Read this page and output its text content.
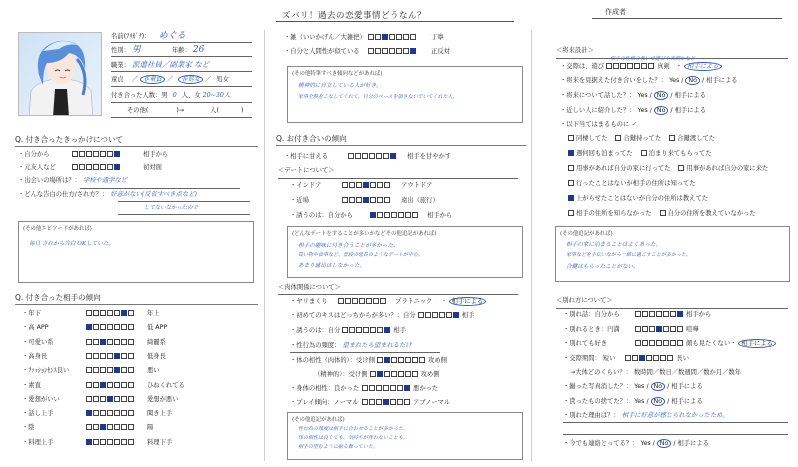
ズバリ！過去の恋愛事情どうなん？	作成者
名前(ﾌﾘｶﾞﾅ)： めぐる
性別： 男	年齢： 26
職業： 派遣社員／副業家 など
童貞 ／ 非童貞 ／ 非処女 ／ 処女
付き合った人数：男 0 人、女 20~30人
その他(	)→	人(	)
Q. 付き合ったきっかけについて
・自分から	相手から
・元友人など	初対面
・出会いの場所は？： 学校や通学など
・どんな告白の仕方/され方？： 好意がない(反省すべき点など)
してないなかったので
(その他エピソードがあれば)
毎日 されから告白 OKしていた。
Q. 付き合った相手の傾向
・年下	年上
・高 APP	低 APP
・可愛い系	綺麗系
・高身長	低身長
・ﾌｧｯｼｮﾝｾﾝｽ良い	悪い
・素直	ひねくれてる
・愛想がいい	愛想が悪い
・話し上手	聞き上手
・陰	陽
・料理上手	料理下手
・雑（いいかげん／大雑把）	丁寧
・自分と人間性が似ている	正反対
(その他特筆すべき傾向などがあれば)
精神的に自立している人が好き。
家事全般をこなしてくれて、自分のペースを崩さないでいてくれた人。
Q. お付き合いの傾向
・相手に甘える	相手を甘やかす
＜デートについて＞
・インドア	アウトドア
・近場	遠出（旅行）
・誘うのは：自分から	相手から
(どんなデートをすることが多いかなどその他追記があれば)
相手の趣味に付き合うことが多かった。
買い物や食事など、普段の延長のようなデートが中心。
あまり遠出はしなかった。
＜肉体関係について＞
・ヤリまくり	プラトニック ・ 相手による
・初めてのキスはどっちからが多い？：自分	相手
・誘うのは：自分	相手
・性行為の頻度： 望まれたら望まれるだけ
・体の相性（肉体的）：受け側	攻め側
（精神的）：受け側	攻め側
・身体の相性：良かった	悪かった
・プレイ傾向：ノーマル	アブノーマル
(その他追記があれば)
性行為の頻度は相手に合わせることが多かった。
体の相性は良くても、気持ちが伴わないことも。
相手の望むように振る舞っていた。
＜将来設計＞
相手の性格の強いで遊びや真剣かなど
・交際は、遊び	真剣 ・ 相手による
・将来を見据えた付き合いをした？： Yes / No / 相手による
・将来について話した？： Yes / No / 相手による
・近しい人に紹介した？： Yes / No / 相手による
・以下当てはまるものに ✓
同棲してた	合鍵持ってた	合鍵渡してた
週何回も泊まってた	泊まり来てもらってた
用事があれば自分の家に行ってた	用事があれば自分の家に来た
行ったことはないが相手の住所は知ってた
上がらせたことはないが自分の住所は教えてた
相手の住所を知らなかった	自分の住所を教えていなかった
(その他追記があれば)
相手の家に泊まることはよくあった。
家事などを手伝いながら一緒に過ごすことが多かった。
合鍵はもらったことがない。
＜別れ方について＞
・別れ話：自分から	相手から
・別れるとき：円満	喧嘩
・別れても好き	顔も見たくない・ 相手による
・交際期間： 短い	長い
→大体どのくらい？： 数時間／数日／数週間／数か月／数年
・撮った写真消した？： Yes / No / 相手による
・貰ったもの捨てた？： Yes / No / 相手による
・別れた理由は？： 相手に好意が感じられなかったため。
・今でも連絡とってる？： Yes / No / 相手による
